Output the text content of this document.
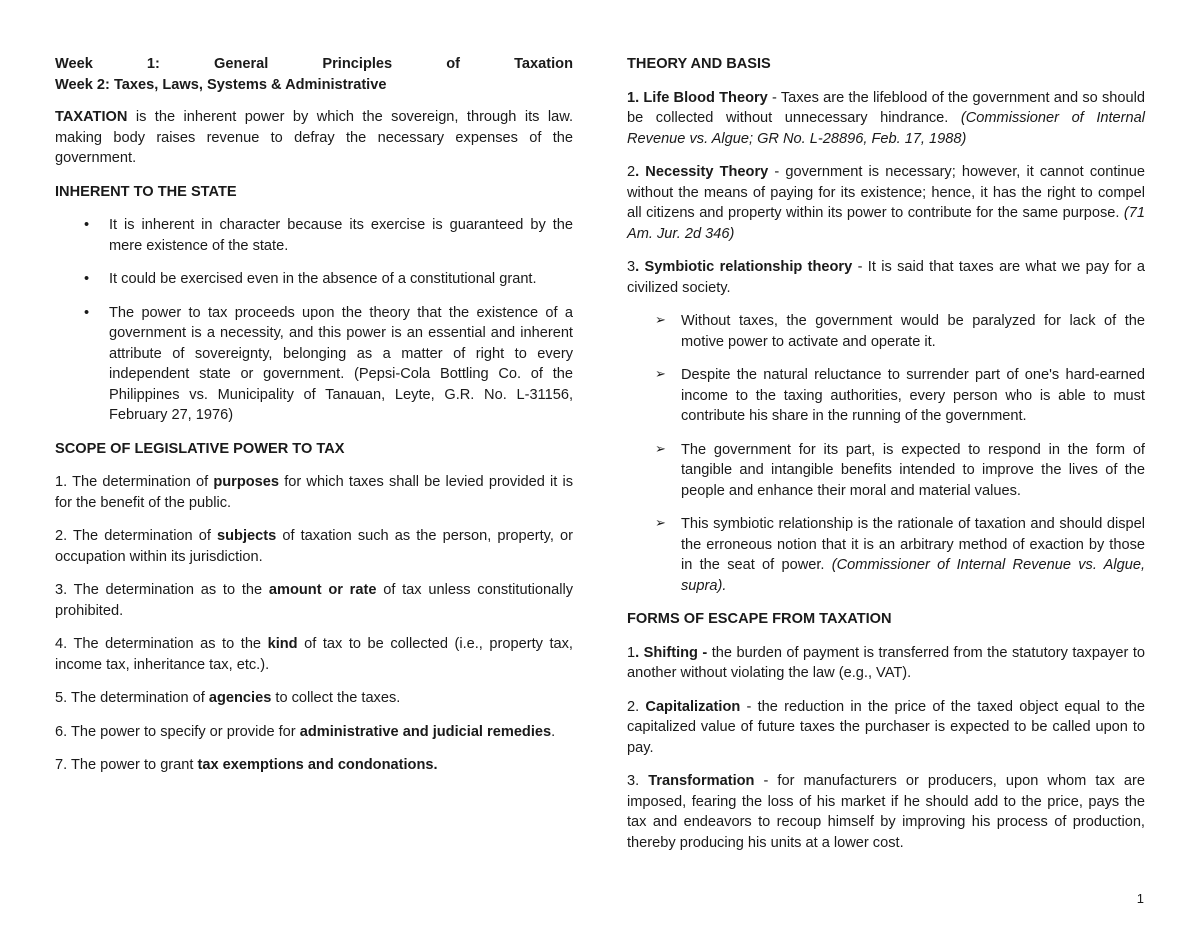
Week 1: General Principles of Taxation

Week 2: Taxes, Laws, Systems & Administrative

TAXATION is the inherent power by which the sovereign, through its law. making body raises revenue to defray the necessary expenses of the government.

INHERENT TO THE STATE
• It is inherent in character because its exercise is guaranteed by the mere existence of the state.
• It could be exercised even in the absence of a constitutional grant.
• The power to tax proceeds upon the theory that the existence of a government is a necessity, and this power is an essential and inherent attribute of sovereignty, belonging as a matter of right to every independent state or government. (Pepsi-Cola Bottling Co. of the Philippines vs. Municipality of Tanauan, Leyte, G.R. No. L-31156, February 27, 1976)
SCOPE OF LEGISLATIVE POWER TO TAX

1. The determination of purposes for which taxes shall be levied provided it is for the benefit of the public.

2. The determination of subjects of taxation such as the person, property, or occupation within its jurisdiction.

3. The determination as to the amount or rate of tax unless constitutionally prohibited.

4. The determination as to the kind of tax to be collected (i.e., property tax, income tax, inheritance tax, etc.).

5. The determination of agencies to collect the taxes.

6. The power to specify or provide for administrative and judicial remedies.

7. The power to grant tax exemptions and condonations.

THEORY AND BASIS

1. Life Blood Theory - Taxes are the lifeblood of the government and so should be collected without unnecessary hindrance. (Commissioner of Internal Revenue vs. Algue; GR No. L-28896, Feb. 17, 1988)

2. Necessity Theory - government is necessary; however, it cannot continue without the means of paying for its existence; hence, it has the right to compel all citizens and property within its power to contribute for the same purpose. (71 Am. Jur. 2d 346)

3. Symbiotic relationship theory - It is said that taxes are what we pay for a civilized society.

➢ Without taxes, the government would be paralyzed for lack of the motive power to activate and operate it.
➢ Despite the natural reluctance to surrender part of one's hard-earned income to the taxing authorities, every person who is able to must contribute his share in the running of the government.
➢ The government for its part, is expected to respond in the form of tangible and intangible benefits intended to improve the lives of the people and enhance their moral and material values.
➢ This symbiotic relationship is the rationale of taxation and should dispel the erroneous notion that it is an arbitrary method of exaction by those in the seat of power. (Commissioner of Internal Revenue vs. Algue, supra).
FORMS OF ESCAPE FROM TAXATION

1. Shifting - the burden of payment is transferred from the statutory taxpayer to another without violating the law (e.g., VAT).

2. Capitalization - the reduction in the price of the taxed object equal to the capitalized value of future taxes the purchaser is expected to be called upon to pay.

3. Transformation - for manufacturers or producers, upon whom tax are imposed, fearing the loss of his market if he should add to the price, pays the tax and endeavors to recoup himself by improving his process of production, thereby producing his units at a lower cost.

1
